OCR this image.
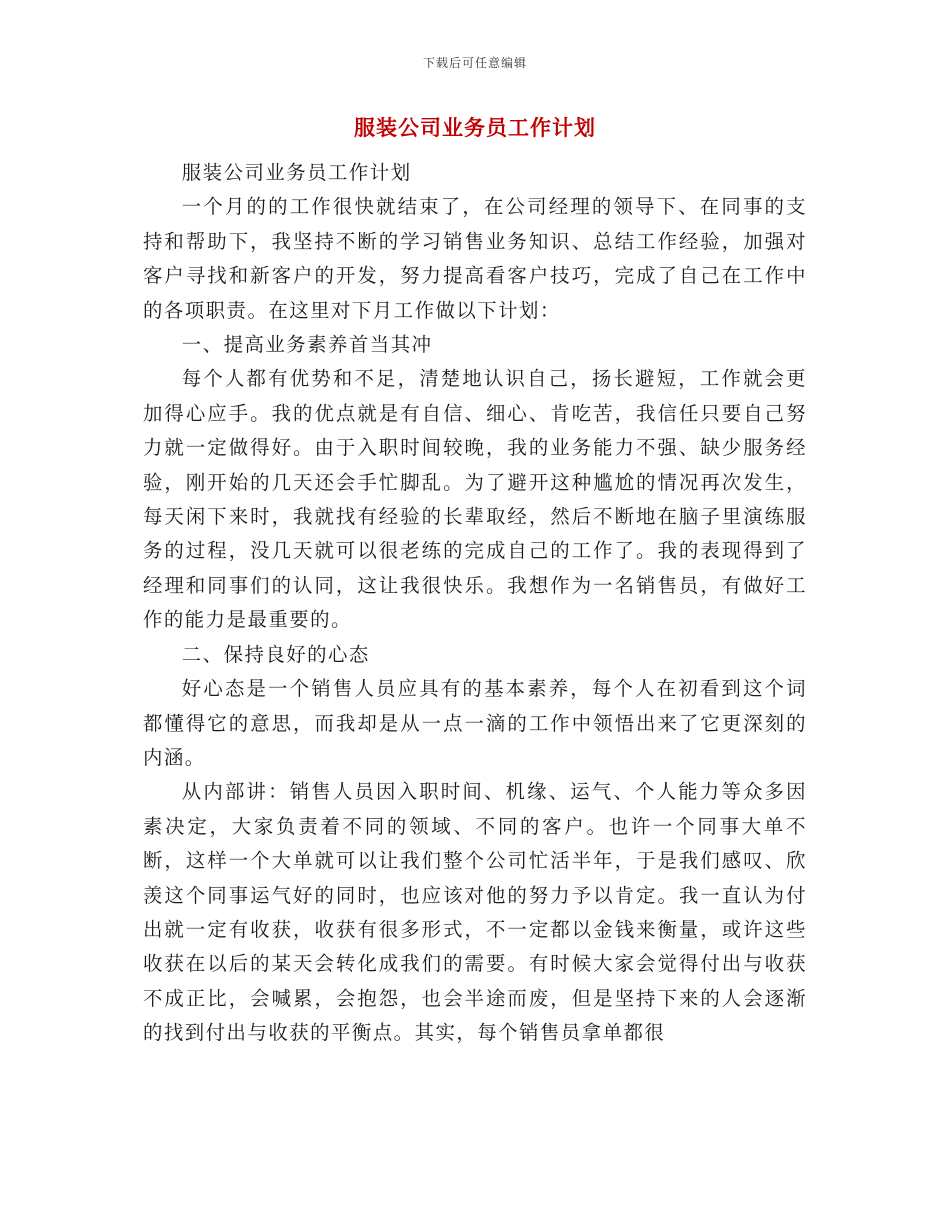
下载后可任意编辑
服装公司业务员工作计划

服装公司业务员工作计划

一个月的的工作很快就结束了，在公司经理的领导下、在同事的支持和帮助下，我坚持不断的学习销售业务知识、总结工作经验，加强对客户寻找和新客户的开发，努力提高看客户技巧，完成了自己在工作中的各项职责。在这里对下月工作做以下计划：

一、提高业务素养首当其冲

每个人都有优势和不足，清楚地认识自己，扬长避短，工作就会更加得心应手。我的优点就是有自信、细心、肯吃苦，我信任只要自己努力就一定做得好。由于入职时间较晚，我的业务能力不强、缺少服务经验，刚开始的几天还会手忙脚乱。为了避开这种尴尬的情况再次发生，每天闲下来时，我就找有经验的长辈取经，然后不断地在脑子里演练服务的过程，没几天就可以很老练的完成自己的工作了。我的表现得到了经理和同事们的认同，这让我很快乐。我想作为一名销售员，有做好工作的能力是最重要的。

二、保持良好的心态

好心态是一个销售人员应具有的基本素养，每个人在初看到这个词都懂得它的意思，而我却是从一点一滴的工作中领悟出来了它更深刻的内涵。

从内部讲：销售人员因入职时间、机缘、运气、个人能力等众多因素决定，大家负责着不同的领域、不同的客户。也许一个同事大单不断，这样一个大单就可以让我们整个公司忙活半年，于是我们感叹、欣羡这个同事运气好的同时，也应该对他的努力予以肯定。我一直认为付出就一定有收获，收获有很多形式，不一定都以金钱来衡量，或许这些收获在以后的某天会转化成我们的需要。有时候大家会觉得付出与收获不成正比，会喊累，会抱怨，也会半途而废，但是坚持下来的人会逐渐的找到付出与收获的平衡点。其实，每个销售员拿单都很
